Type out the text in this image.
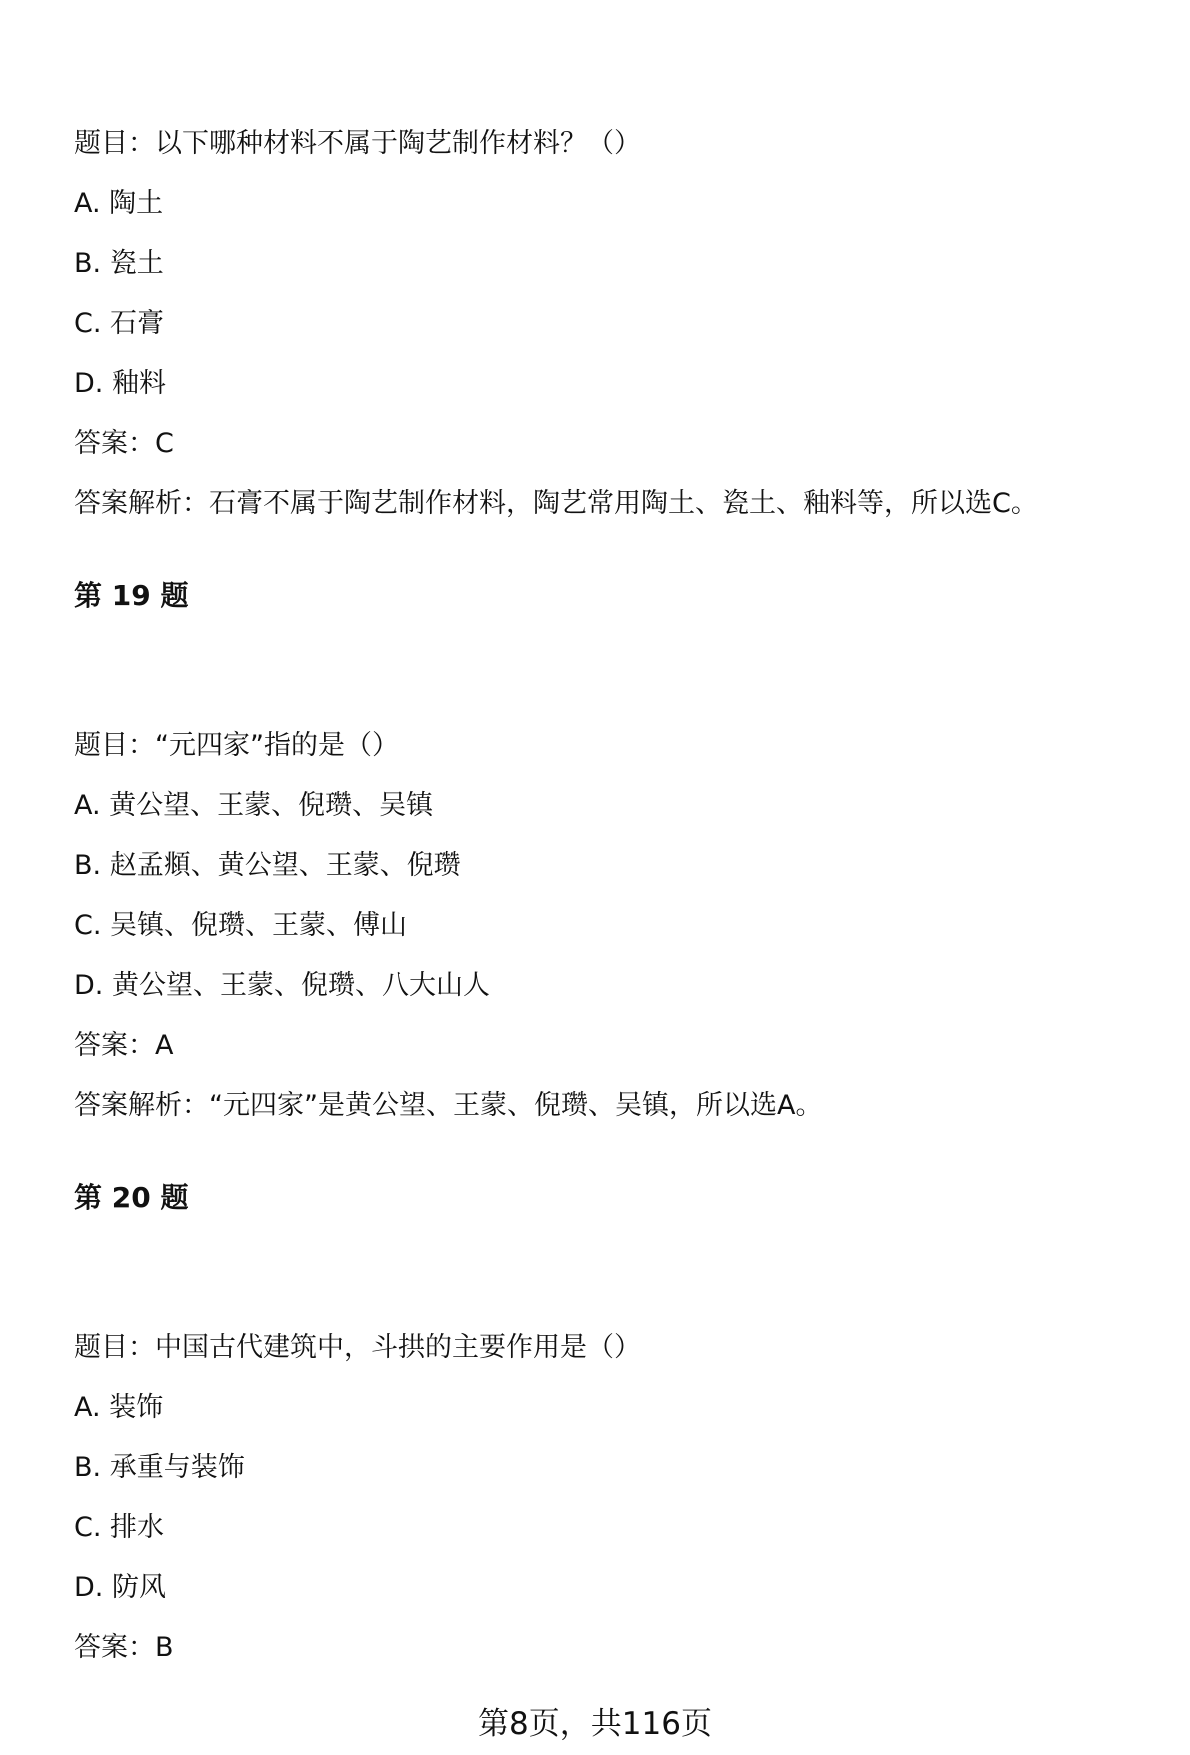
题目：以下哪种材料不属于陶艺制作材料？（）
A. 陶土
B. 瓷土
C. 石膏
D. 釉料
答案：C
答案解析：石膏不属于陶艺制作材料，陶艺常用陶土、瓷土、釉料等，所以选C。
第 19 题
题目：“元四家”指的是（）
A. 黄公望、王蒙、倪瓒、吴镇
B. 赵孟頫、黄公望、王蒙、倪瓒
C. 吴镇、倪瓒、王蒙、傅山
D. 黄公望、王蒙、倪瓒、八大山人
答案：A
答案解析：“元四家”是黄公望、王蒙、倪瓒、吴镇，所以选A。
第 20 题
题目：中国古代建筑中，斗拱的主要作用是（）
A. 装饰
B. 承重与装饰
C. 排水
D. 防风
答案：B
第8页，共116页
